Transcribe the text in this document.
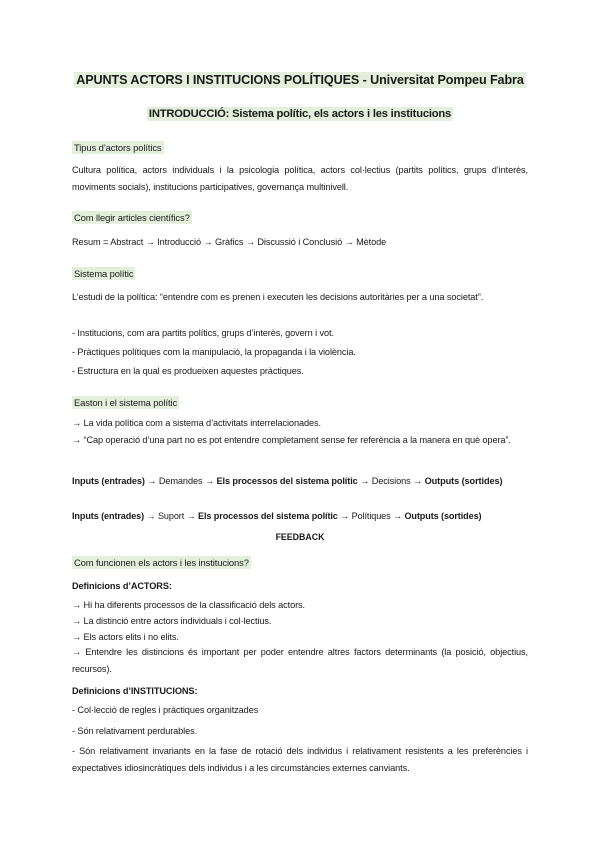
APUNTS ACTORS I INSTITUCIONS POLÍTIQUES - Universitat Pompeu Fabra
INTRODUCCIÓ: Sistema polític, els actors i les institucions
Tipus d’actors polítics
Cultura política, actors individuals i la psicologia política, actors col·lectius (partits polítics, grups d’interès, moviments socials), institucions participatives, governança multinivell.
Com llegir articles científics?
Resum = Abstract → Introducció → Gràfics → Discussió i Conclusió → Mètode
Sistema polític
L’estudi de la política: “entendre com es prenen i executen les decisions autoritàries per a una societat”.
- Institucions, com ara partits polítics, grups d’interès, govern i vot.
- Pràctiques polítiques com la manipulació, la propaganda i la violència.
- Estructura en la qual es produeixen aquestes pràctiques.
Easton i el sistema polític
→ La vida política com a sistema d’activitats interrelacionades.
→ “Cap operació d’una part no es pot entendre completament sense fer referència a la manera en què opera”.
Inputs (entrades) → Demandes → Els processos del sistema polític → Decisions → Outputs (sortides)
Inputs (entrades) → Suport → Els processos del sistema polític → Polítiques → Outputs (sortides)
FEEDBACK
Com funcionen els actors i les institucions?
Definicions d’ACTORS:
→ Hi ha diferents processos de la classificació dels actors.
→ La distinció entre actors individuals i col·lectius.
→ Els actors elits i no elits.
→ Entendre les distincions és important per poder entendre altres factors determinants (la posició, objectius, recursos).
Definicions d’INSTITUCIONS:
- Col·lecció de regles i pràctiques organitzades
- Són relativament perdurables.
- Són relativament invariants en la fase de rotació dels individus i relativament resistents a les preferències i expectatives idiosincràtiques dels individus i a les circumstàncies externes canviants.
